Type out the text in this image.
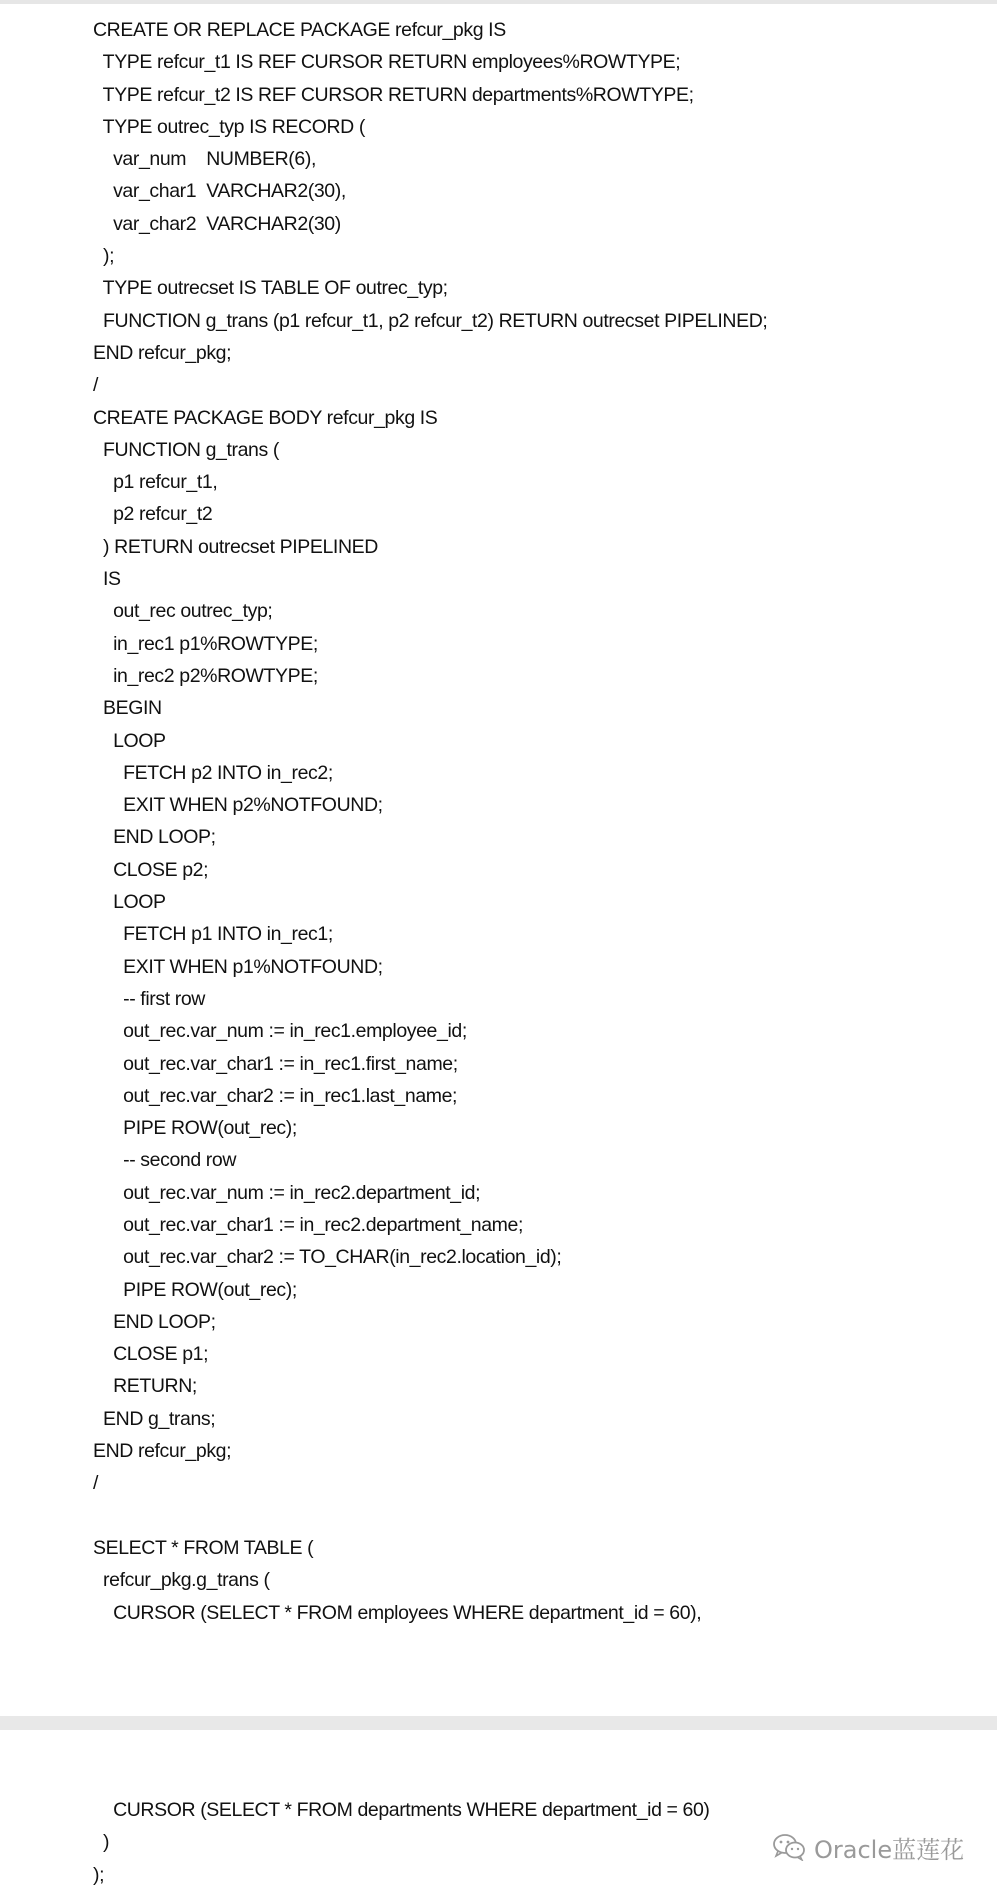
CREATE OR REPLACE PACKAGE refcur_pkg IS
TYPE refcur_t1 IS REF CURSOR RETURN employees%ROWTYPE;
TYPE refcur_t2 IS REF CURSOR RETURN departments%ROWTYPE;
TYPE outrec_typ IS RECORD (
var_num    NUMBER(6),
var_char1  VARCHAR2(30),
var_char2  VARCHAR2(30)
);
TYPE outrecset IS TABLE OF outrec_typ;
FUNCTION g_trans (p1 refcur_t1, p2 refcur_t2) RETURN outrecset PIPELINED;
END refcur_pkg;
/
CREATE PACKAGE BODY refcur_pkg IS
FUNCTION g_trans (
p1 refcur_t1,
p2 refcur_t2
) RETURN outrecset PIPELINED
IS
out_rec outrec_typ;
in_rec1 p1%ROWTYPE;
in_rec2 p2%ROWTYPE;
BEGIN
LOOP
FETCH p2 INTO in_rec2;
EXIT WHEN p2%NOTFOUND;
END LOOP;
CLOSE p2;
LOOP
FETCH p1 INTO in_rec1;
EXIT WHEN p1%NOTFOUND;
-- first row
out_rec.var_num := in_rec1.employee_id;
out_rec.var_char1 := in_rec1.first_name;
out_rec.var_char2 := in_rec1.last_name;
PIPE ROW(out_rec);
-- second row
out_rec.var_num := in_rec2.department_id;
out_rec.var_char1 := in_rec2.department_name;
out_rec.var_char2 := TO_CHAR(in_rec2.location_id);
PIPE ROW(out_rec);
END LOOP;
CLOSE p1;
RETURN;
END g_trans;
END refcur_pkg;
/
SELECT * FROM TABLE (
refcur_pkg.g_trans (
CURSOR (SELECT * FROM employees WHERE department_id = 60),
CURSOR (SELECT * FROM departments WHERE department_id = 60)
)
);
Oracle蓝莲花
